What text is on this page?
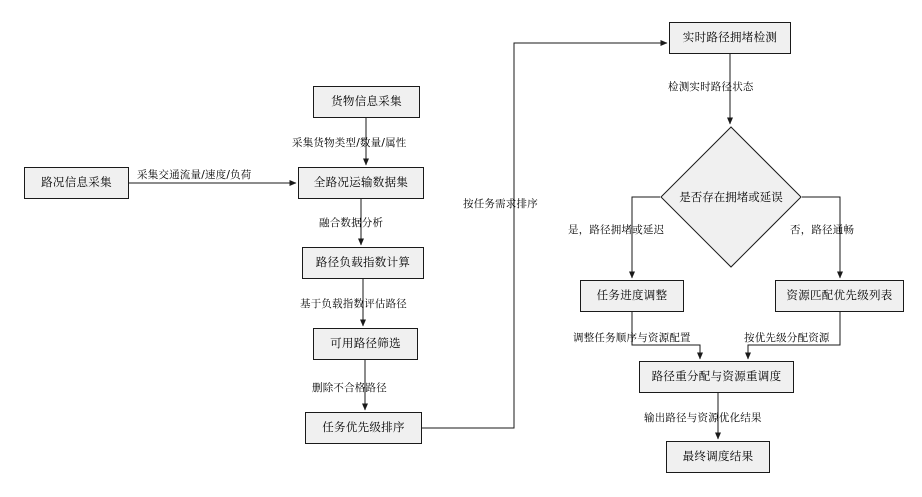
货物信息采集
路况信息采集	全路况运输数据集
路径负载指数计算
可用路径筛选
任务优先级排序
实时路径拥堵检测
是否存在拥堵或延误
任务进度调整	资源匹配优先级列表
路径重分配与资源重调度
最终调度结果
采集货物类型/数量/属性
采集交通流量/速度/负荷
融合数据分析
基于负载指数评估路径
删除不合格路径
按任务需求排序
检测实时路径状态
是，路径拥堵或延迟	否，路径通畅
调整任务顺序与资源配置	按优先级分配资源
输出路径与资源优化结果
